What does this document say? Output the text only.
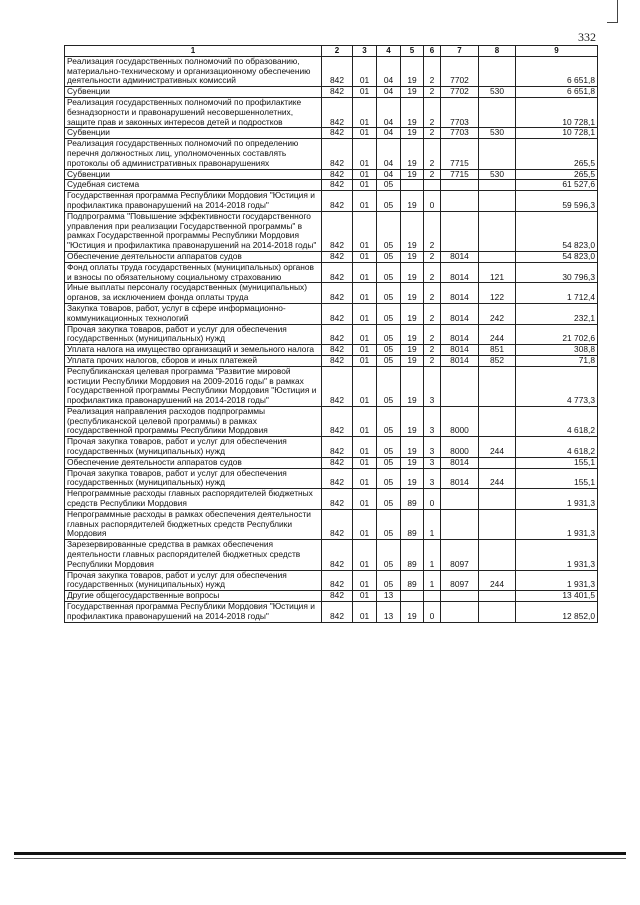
332
1	2	3	4	5	6	7	8	9
Реализация государственных полномочий по образованию, материально-техническому и организационному обеспечению деятельности административных комиссий	842	01	04	19	2	7702		6 651,8
Субвенции	842	01	04	19	2	7702	530	6 651,8
Реализация государственных полномочий по профилактике безнадзорности и правонарушений несовершеннолетних, защите прав и законных интересов детей и подростков	842	01	04	19	2	7703		10 728,1
Субвенции	842	01	04	19	2	7703	530	10 728,1
Реализация государственных полномочий по определению перечня должностных лиц, уполномоченных составлять протоколы об административных правонарушениях	842	01	04	19	2	7715		265,5
Субвенции	842	01	04	19	2	7715	530	265,5
Судебная система	842	01	05					61 527,6
Государственная программа Республики Мордовия "Юстиция и профилактика правонарушений на 2014-2018 годы"	842	01	05	19	0			59 596,3
Подпрограмма "Повышение эффективности государственного управления при реализации Государственной программы" в рамках Государственной программы Республики Мордовия "Юстиция и профилактика правонарушений на 2014-2018 годы"	842	01	05	19	2			54 823,0
Обеспечение деятельности аппаратов судов	842	01	05	19	2	8014		54 823,0
Фонд оплаты труда государственных (муниципальных) органов и взносы по обязательному социальному страхованию	842	01	05	19	2	8014	121	30 796,3
Иные выплаты персоналу государственных (муниципальных) органов, за исключением фонда оплаты труда	842	01	05	19	2	8014	122	1 712,4
Закупка товаров, работ, услуг в сфере информационно-коммуникационных технологий	842	01	05	19	2	8014	242	232,1
Прочая закупка товаров, работ и услуг для обеспечения государственных (муниципальных) нужд	842	01	05	19	2	8014	244	21 702,6
Уплата налога на имущество организаций и земельного налога	842	01	05	19	2	8014	851	308,8
Уплата прочих налогов, сборов и иных платежей	842	01	05	19	2	8014	852	71,8
Республиканская целевая программа "Развитие мировой юстиции Республики Мордовия на 2009-2016 годы" в рамках Государственной программы Республики Мордовия "Юстиция и профилактика правонарушений на 2014-2018 годы"	842	01	05	19	3			4 773,3
Реализация направления расходов подпрограммы (республиканской целевой программы) в рамках государственной программы Республики Мордовия	842	01	05	19	3	8000		4 618,2
Прочая закупка товаров, работ и услуг для обеспечения государственных (муниципальных) нужд	842	01	05	19	3	8000	244	4 618,2
Обеспечение деятельности аппаратов судов	842	01	05	19	3	8014		155,1
Прочая закупка товаров, работ и услуг для обеспечения государственных (муниципальных) нужд	842	01	05	19	3	8014	244	155,1
Непрограммные расходы главных распорядителей бюджетных средств Республики Мордовия	842	01	05	89	0			1 931,3
Непрограммные расходы в рамках обеспечения деятельности главных распорядителей бюджетных средств Республики Мордовия	842	01	05	89	1			1 931,3
Зарезервированные средства в рамках обеспечения деятельности главных распорядителей бюджетных средств Республики Мордовия	842	01	05	89	1	8097		1 931,3
Прочая закупка товаров, работ и услуг для обеспечения государственных (муниципальных) нужд	842	01	05	89	1	8097	244	1 931,3
Другие общегосударственные вопросы	842	01	13					13 401,5
Государственная программа Республики Мордовия "Юстиция и профилактика правонарушений на 2014-2018 годы"	842	01	13	19	0			12 852,0
